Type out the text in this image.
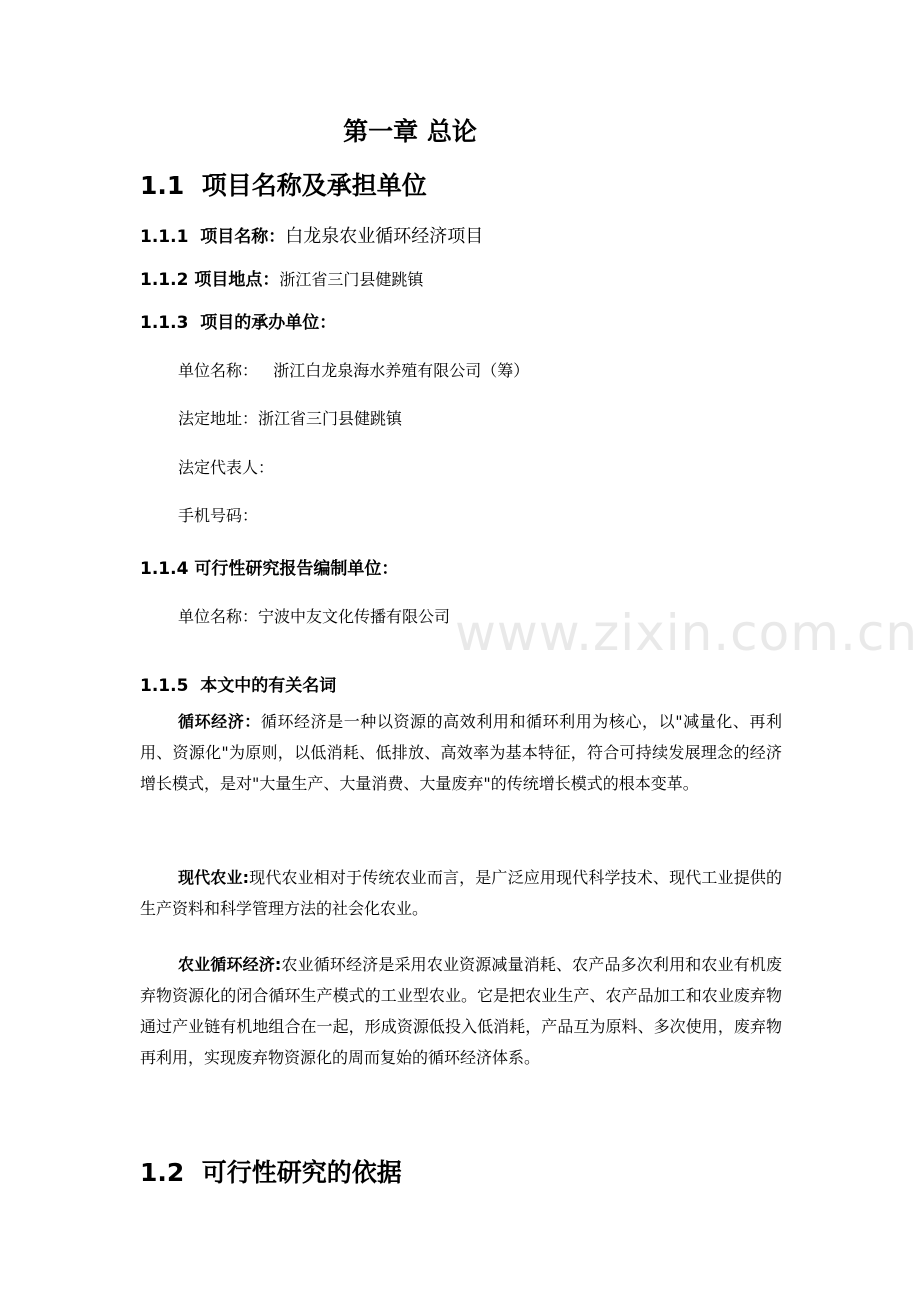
第一章 总论
1.1 项目名称及承担单位
1.1.1 项目名称：白龙泉农业循环经济项目
1.1.2 项目地点：浙江省三门县健跳镇
1.1.3 项目的承办单位：
单位名称： 浙江白龙泉海水养殖有限公司（筹）
法定地址：浙江省三门县健跳镇
法定代表人：
手机号码：
1.1.4 可行性研究报告编制单位：
单位名称：宁波中友文化传播有限公司 www.zixin.com.cn
1.1.5 本文中的有关名词

循环经济：循环经济是一种以资源的高效利用和循环利用为核心，以"减量化、再利用、资源化"为原则，以低消耗、低排放、高效率为基本特征，符合可持续发展理念的经济增长模式，是对"大量生产、大量消费、大量废弃"的传统增长模式的根本变革。

现代农业:现代农业相对于传统农业而言，是广泛应用现代科学技术、现代工业提供的生产资料和科学管理方法的社会化农业。

农业循环经济:农业循环经济是采用农业资源减量消耗、农产品多次利用和农业有机废弃物资源化的闭合循环生产模式的工业型农业。它是把农业生产、农产品加工和农业废弃物通过产业链有机地组合在一起，形成资源低投入低消耗，产品互为原料、多次使用，废弃物再利用，实现废弃物资源化的周而复始的循环经济体系。

1.2 可行性研究的依据
